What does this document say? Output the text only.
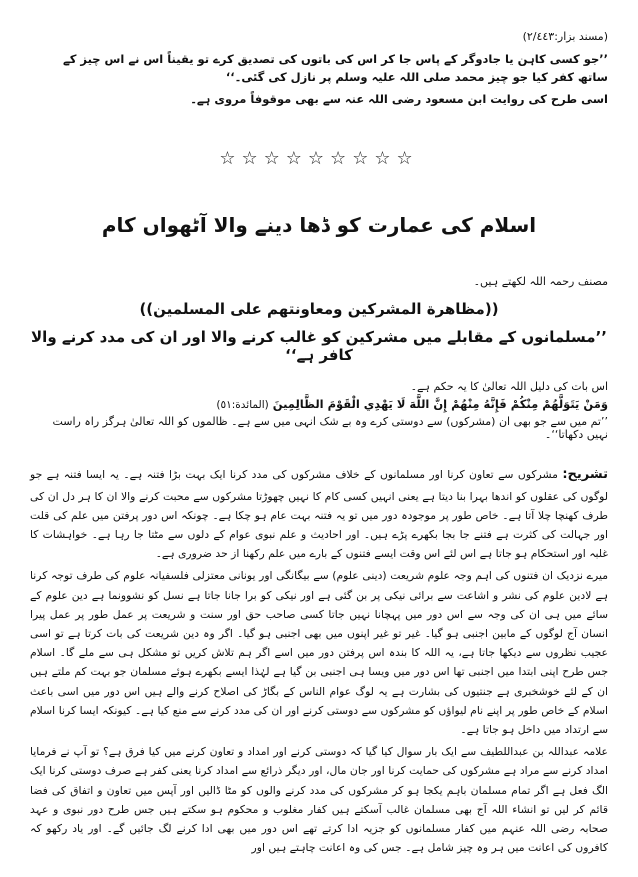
(مسند بزار:۲/٤٤۳)

’’جو کسی کاہن یا جادوگر کے پاس جا کر اس کی باتوں کی تصدیق کرے تو یقیناً اس نے اس چیز کے ساتھ کفر کیا جو چیز محمد صلی اللہ علیہ وسلم پر نازل کی گئی۔‘‘

اسی طرح کی روایت ابن مسعود رضی اللہ عنہ سے بھی موقوفاً مروی ہے۔

☆☆☆☆☆☆☆☆☆
اسلام کی عمارت کو ڈھا دینے والا آٹھواں کام

مصنف رحمہ اللہ لکھتے ہیں۔

((مظاهرة المشركين ومعاونتهم على المسلمين))
’’مسلمانوں کے مقابلے میں مشرکین کو غالب کرنے والا اور ان کی مدد کرنے والا کافر ہے‘‘

اس بات کی دلیل اللہ تعالیٰ کا یہ حکم ہے۔

وَمَنْ يَتَوَلَّهُمْ مِنْكُمْ فَإِنَّهُ مِنْهُمْ إِنَّ اللَّهَ لَا يَهْدِي الْقَوْمَ الظَّالِمِينَ (المائدة:٥١)

’’تم میں سے جو بھی ان (مشرکوں) سے دوستی کرے وہ بے شک انہی میں سے ہے۔ ظالموں کو اللہ تعالیٰ ہرگز راہ راست نہیں دکھاتا‘‘۔

تشریح: مشرکوں سے تعاون کرنا اور مسلمانوں کے خلاف مشرکوں کی مدد کرنا ایک بہت بڑا فتنہ ہے۔ یہ ایسا فتنہ ہے جو لوگوں کی عقلوں کو اندھا بہرا بنا دیتا ہے یعنی انہیں کسی کام کا نہیں چھوڑتا مشرکوں سے محبت کرنے والا ان کا ہر دل ان کی طرف کھنچا چلا آتا ہے۔ خاص طور پر موجودہ دور میں تو یہ فتنہ بہت عام ہو چکا ہے۔ چونکہ اس دور پرفتن میں علم کی قلت اور جہالت کی کثرت ہے فتنے جا بجا بکھرے پڑے ہیں۔ اور احادیث و علم نبوی عوام کے دلوں سے مٹتا جا رہا ہے۔ خواہشات کا غلبہ اور استحکام ہو جاتا ہے اس لئے اس وقت ایسے فتنوں کے بارے میں علم رکھنا از حد ضروری ہے۔

میرے نزدیک ان فتنوں کی اہم وجہ علوم شریعت (دینی علوم) سے بیگانگی اور یونانی معتزلی فلسفیانہ علوم کی طرف توجہ کرنا ہے لادین علوم کی نشر و اشاعت سے برائی نیکی پر بن گئی ہے اور نیکی کو برا جانا جاتا ہے نسل کو نشوونما ہے دین علوم کے سائے میں ہی ان کی وجہ سے اس دور میں پہچانا نہیں جاتا کسی صاحب حق اور سنت و شریعت پر عمل طور پر عمل پیرا انسان آج لوگوں کے مابین اجنبی ہو گیا۔ غیر تو غیر اپنوں میں بھی اجنبی ہو گیا۔ اگر وہ دین شریعت کی بات کرتا ہے تو اسی عجیب نظروں سے دیکھا جاتا ہے، یہ اللہ کا بندہ اس پرفتن دور میں اسے اگر ہم تلاش کریں تو مشکل ہی سے ملے گا۔ اسلام جس طرح اپنی ابتدا میں اجنبی تھا اس دور میں ویسا ہی اجنبی بن گیا ہے لہٰذا ایسے بکھرے ہوئے مسلمان جو بہت کم ملتے ہیں ان کے لئے خوشخبری ہے جنتیوں کی بشارت ہے یہ لوگ عوام الناس کے بگاڑ کی اصلاح کرنے والے ہیں اس دور میں اسی باعث اسلام کے خاص طور پر اپنے نام لیواؤں کو مشرکوں سے دوستی کرنے اور ان کی مدد کرنے سے منع کیا ہے۔ کیونکہ ایسا کرنا اسلام سے ارتداد میں داخل ہو جاتا ہے۔

علامہ عبداللہ بن عبداللطیف سے ایک بار سوال کیا گیا کہ دوستی کرنے اور امداد و تعاون کرنے میں کیا فرق ہے؟ تو آپ نے فرمایا امداد کرنے سے مراد ہے مشرکوں کی حمایت کرنا اور جان مال، اور دیگر ذرائع سے امداد کرنا یعنی کفر ہے صرف دوستی کرنا ایک الگ فعل ہے اگر تمام مسلمان باہم یکجا ہو کر مشرکوں کی مدد کرنے والوں کو مٹا ڈالیں اور آپس میں تعاون و اتفاق کی فضا قائم کر لیں تو انشاء اللہ آج بھی مسلمان غالب آسکتے ہیں کفار مغلوب و محکوم ہو سکتے ہیں جس طرح دور نبوی و عہد صحابہ رضی اللہ عنہم میں کفار مسلمانوں کو جزیہ ادا کرتے تھے اس دور میں بھی ادا کرنے لگ جائیں گے۔ اور یاد رکھو کہ کافروں کی اعانت میں ہر وہ چیز شامل ہے۔ جس کی وہ اعانت چاہتے ہیں اور
